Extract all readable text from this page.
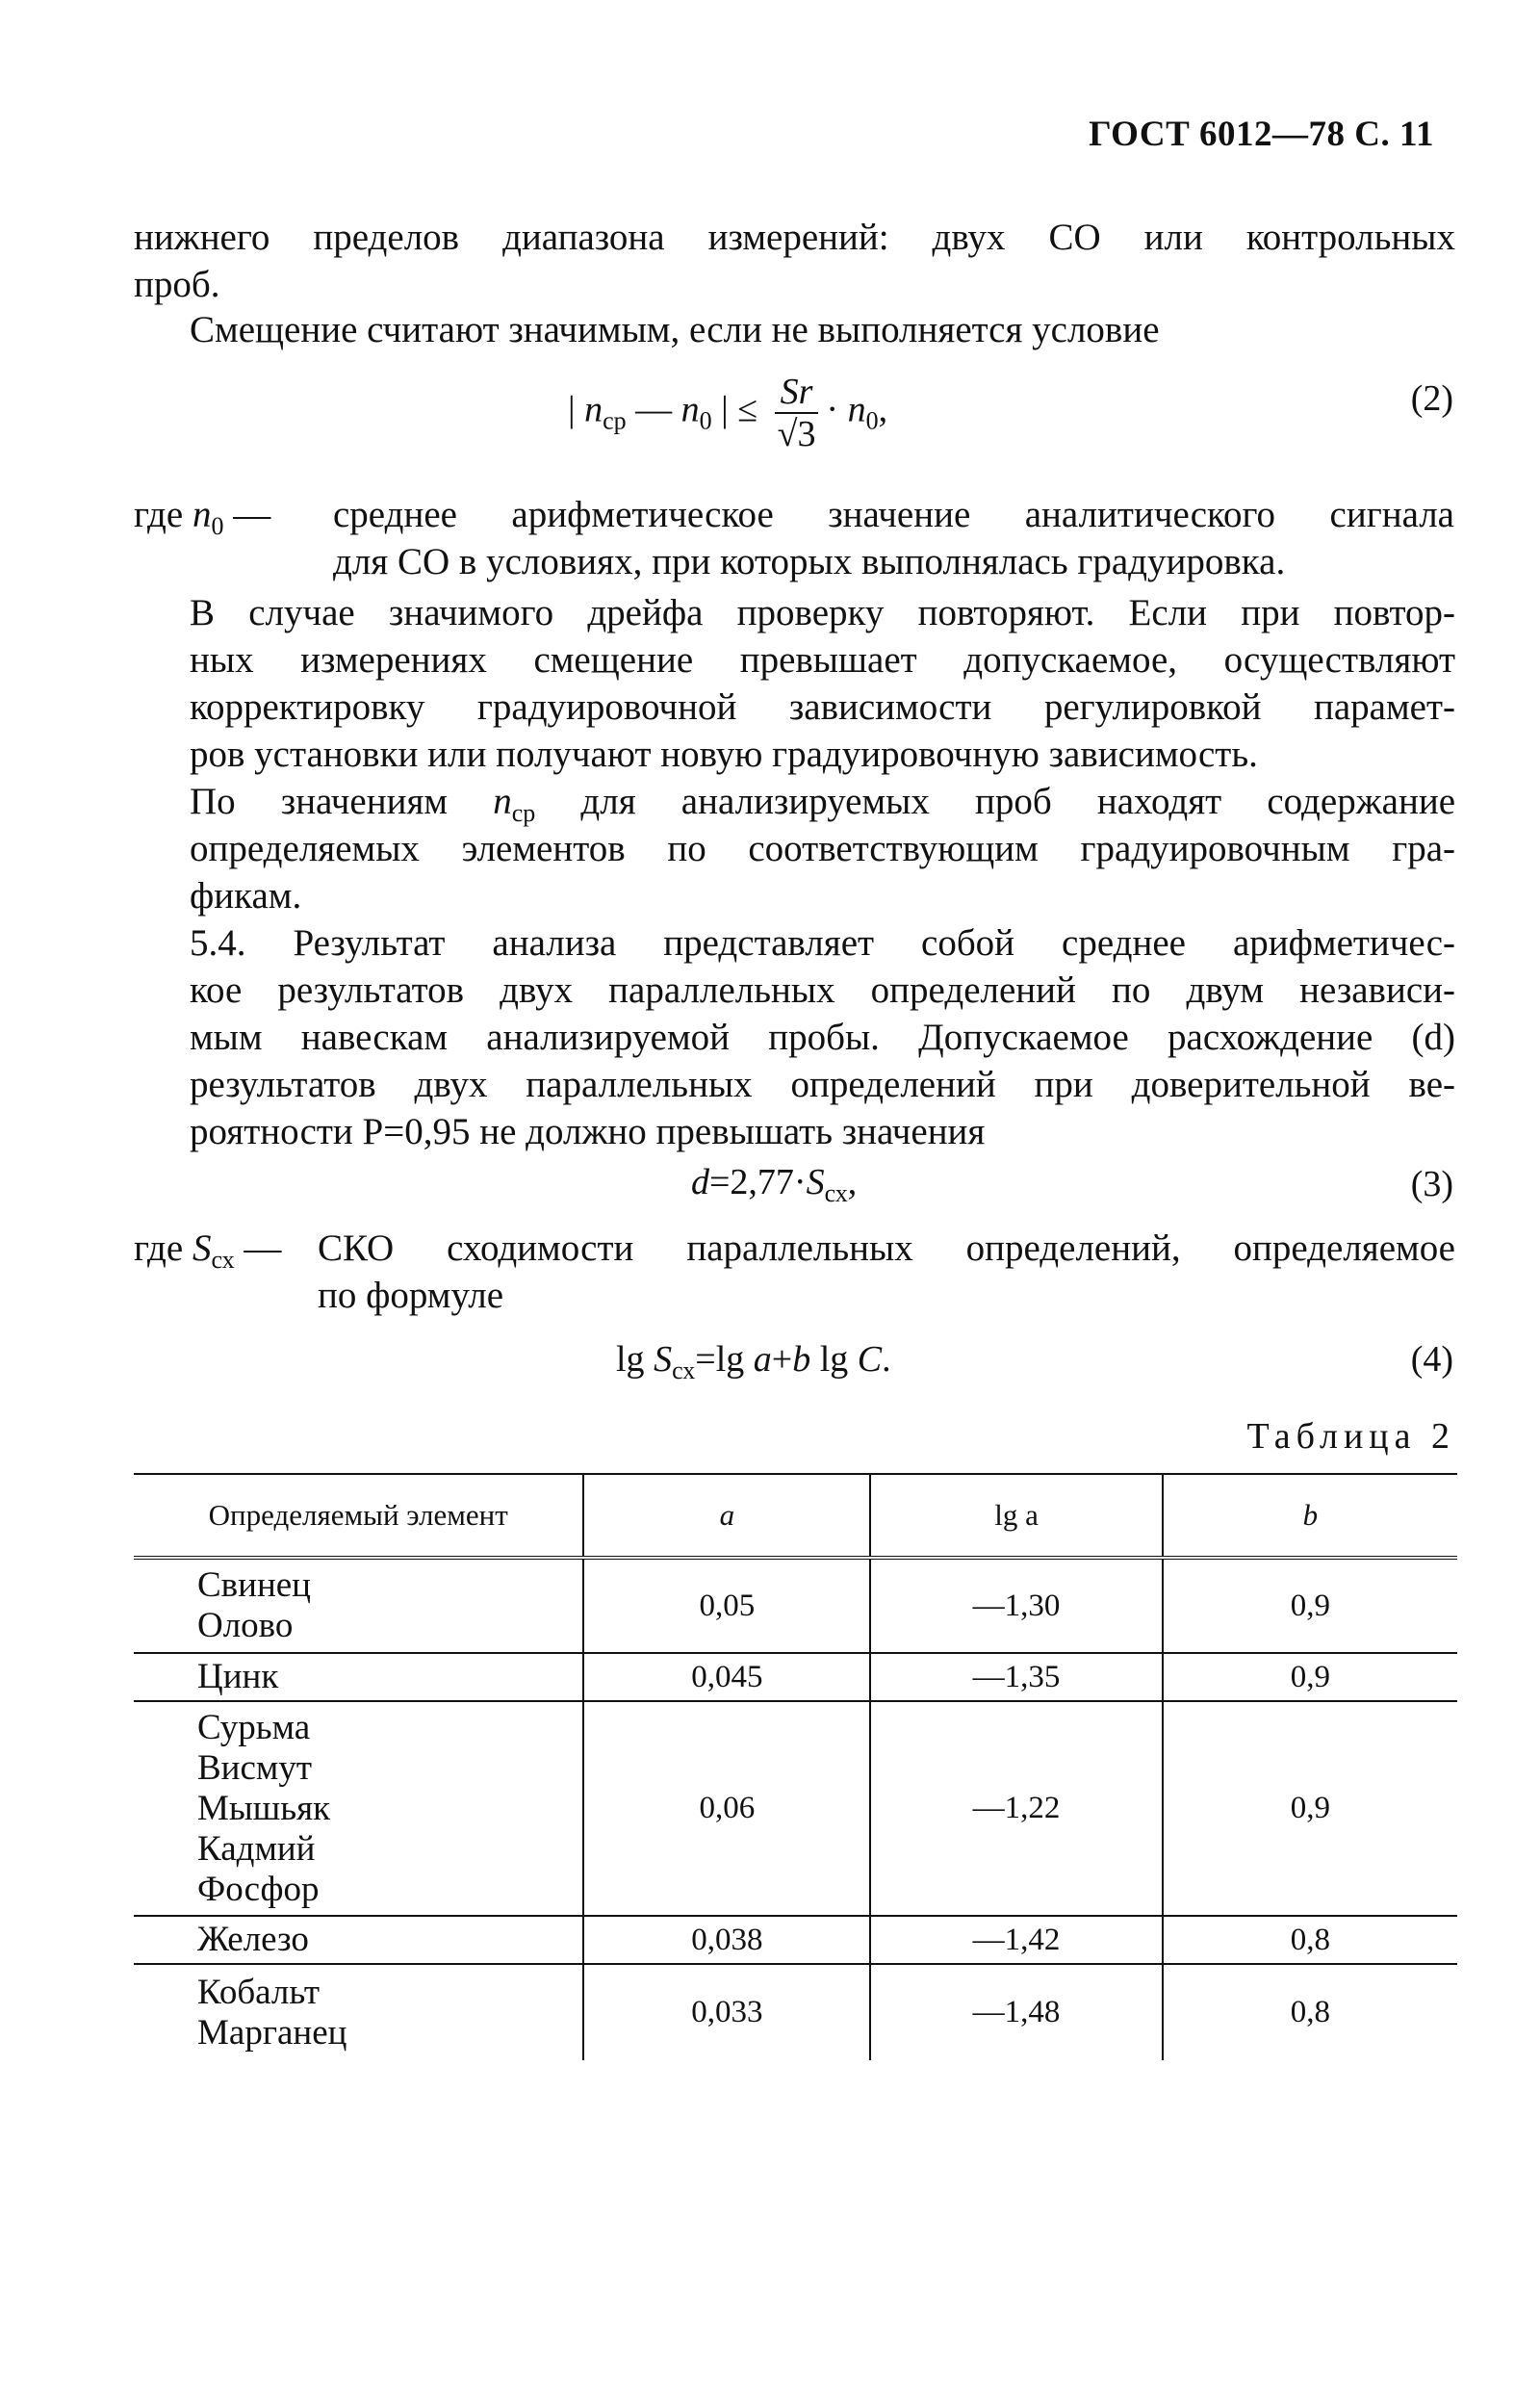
ГОСТ 6012—78 С. 11
нижнего пределов диапазона измерений: двух СО или контрольных
проб.
Смещение считают значимым, если не выполняется условие
| $n_{ср}$ — $n_0$ | ≤ $\frac{Sr}{√3} \cdot n_0$,	(2)
где $n_0$ — среднее арифметическое значение аналитического сигнала
для СО в условиях, при которых выполнялась градуировка.
В случае значимого дрейфа проверку повторяют. Если при повтор-
ных измерениях смещение превышает допускаемое, осуществляют
корректировку градуировочной зависимости регулировкой парамет-
ров установки или получают новую градуировочную зависимость.
По значениям $n_{ср}$ для анализируемых проб находят содержание
определяемых элементов по соответствующим градуировочным гра-
фикам.
5.4. Результат анализа представляет собой среднее арифметичес-
кое результатов двух параллельных определений по двум независи-
мым навескам анализируемой пробы. Допускаемое расхождение (d)
результатов двух параллельных определений при доверительной ве-
роятности P=0,95 не должно превышать значения
$d=2,77\cdot S_{сх}$,	(3)
где $S_{сх}$ — СКО сходимости параллельных определений, определяемое
по формуле
$\lg S_{сх}=\lg$ a+b lg C.	(4)
Таблица 2
Определяемый элемент	a	lg a	b

Свинец
Олово	0,05	—1,30	0,9

Цинк	0,045	—1,35	0,9

Сурьма
Висмут
Мышьяк
Кадмий
Фосфор	0,06	—1,22	0,9

Железо	0,038	—1,42	0,8

Кобальт
Марганец	0,033	—1,48	0,8
